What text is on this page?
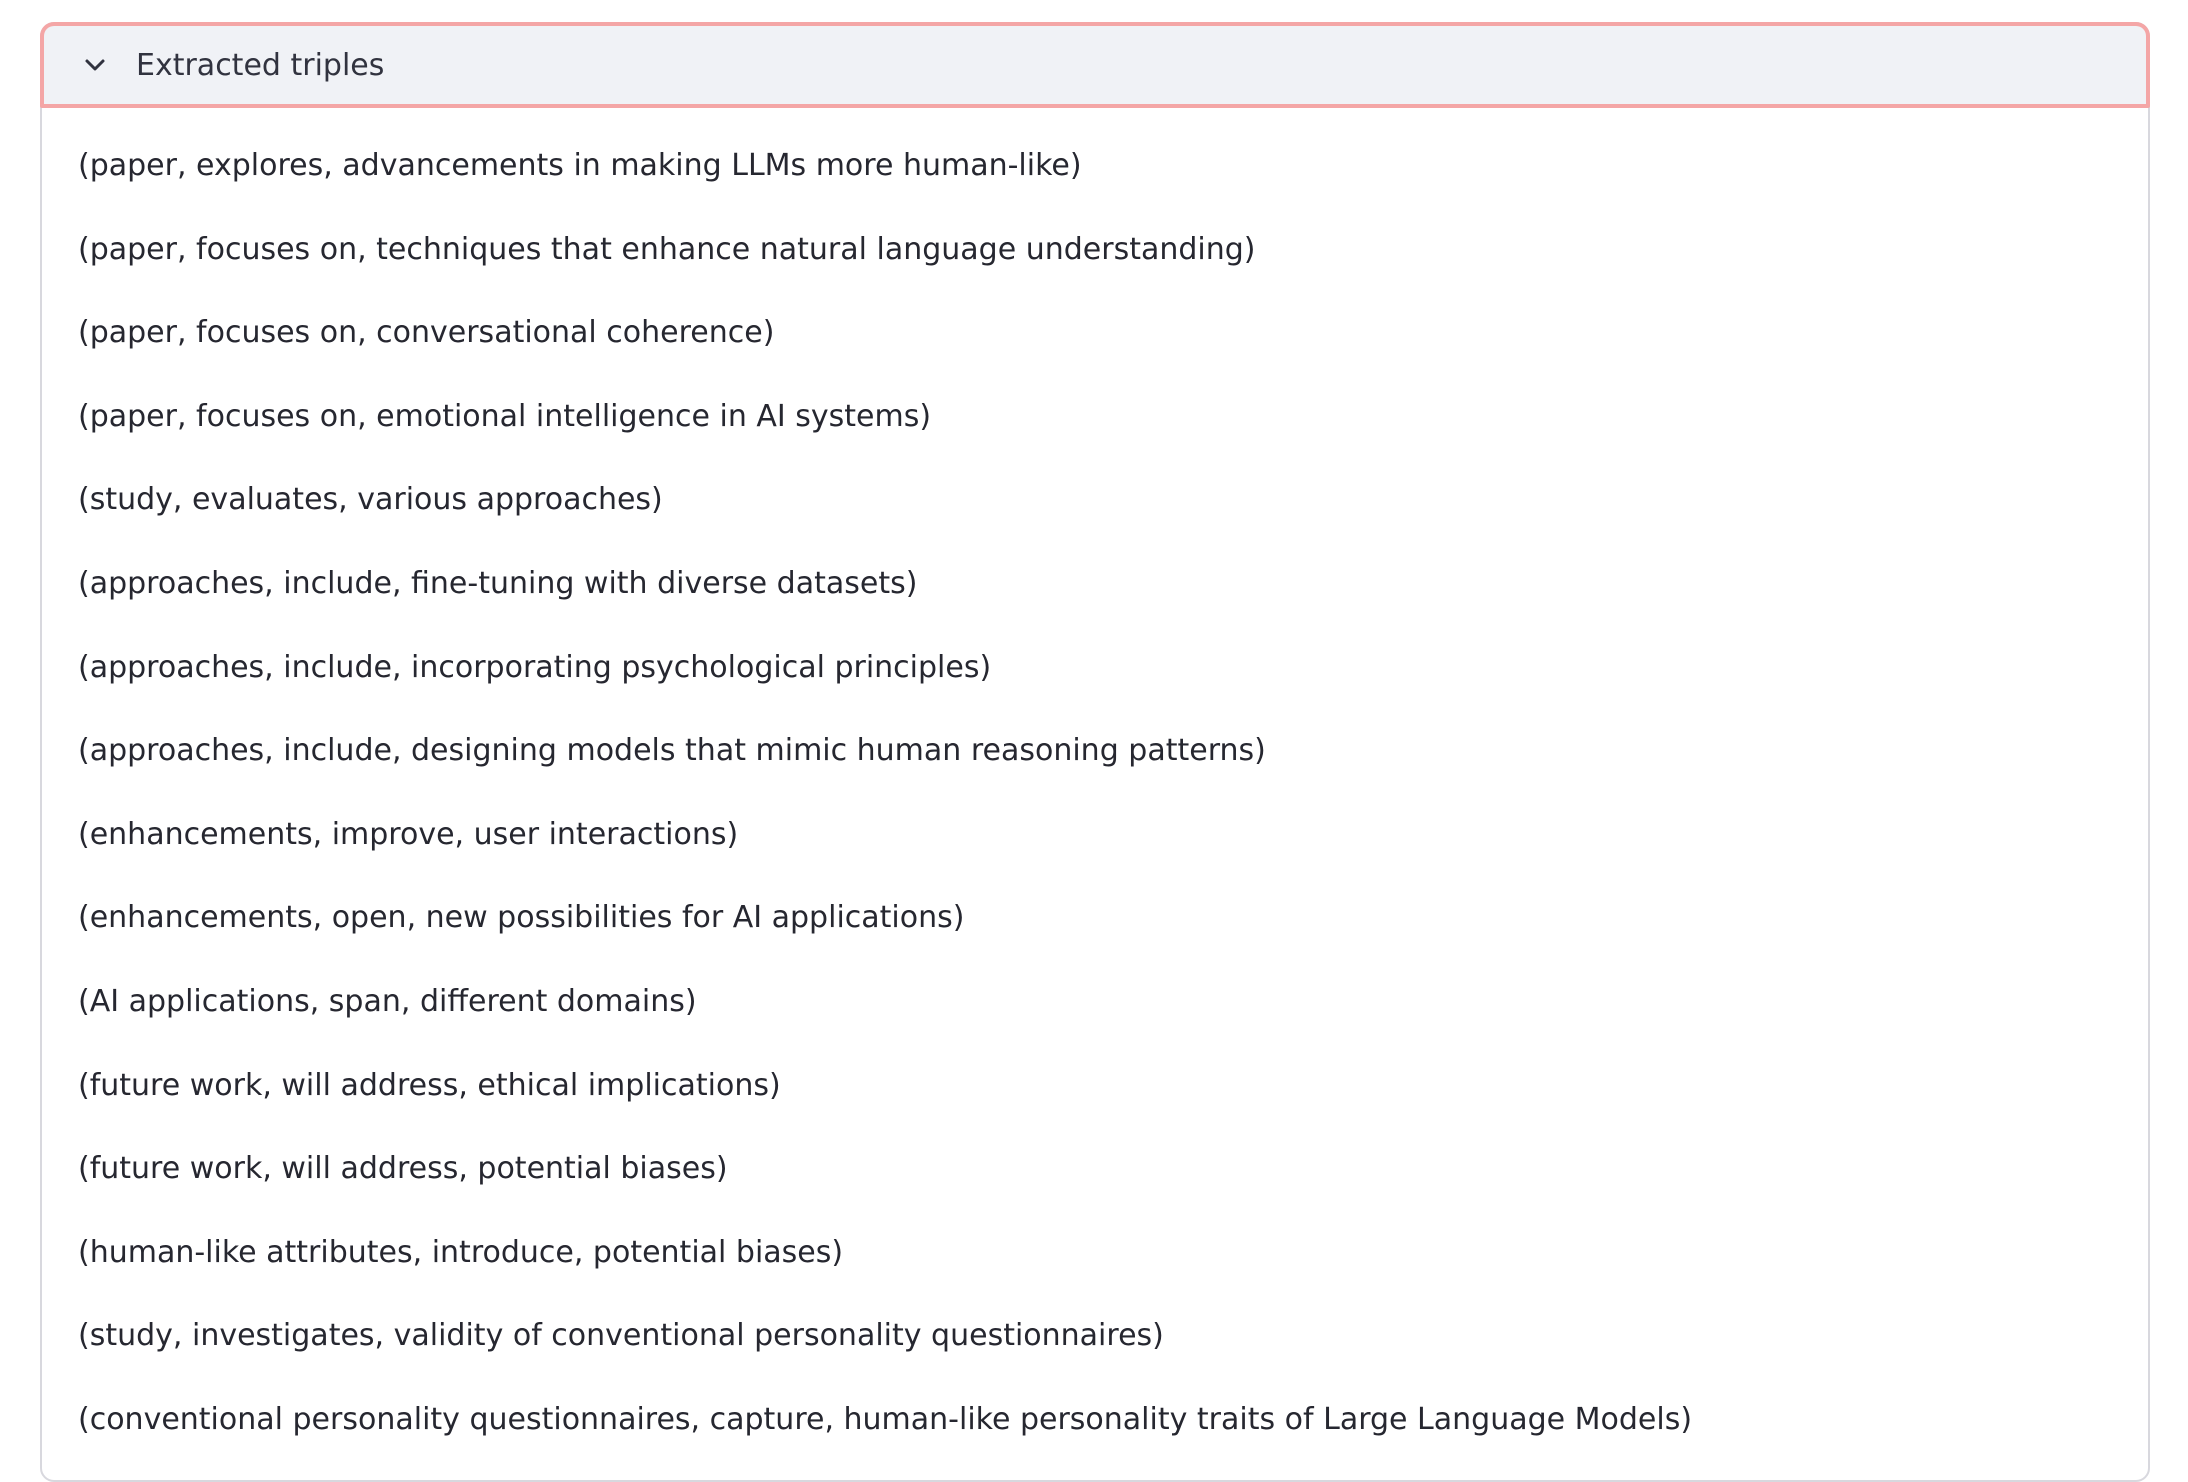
Extracted triples
(paper, explores, advancements in making LLMs more human-like)
(paper, focuses on, techniques that enhance natural language understanding)
(paper, focuses on, conversational coherence)
(paper, focuses on, emotional intelligence in AI systems)
(study, evaluates, various approaches)
(approaches, include, fine-tuning with diverse datasets)
(approaches, include, incorporating psychological principles)
(approaches, include, designing models that mimic human reasoning patterns)
(enhancements, improve, user interactions)
(enhancements, open, new possibilities for AI applications)
(AI applications, span, different domains)
(future work, will address, ethical implications)
(future work, will address, potential biases)
(human-like attributes, introduce, potential biases)
(study, investigates, validity of conventional personality questionnaires)
(conventional personality questionnaires, capture, human-like personality traits of Large Language Models)
